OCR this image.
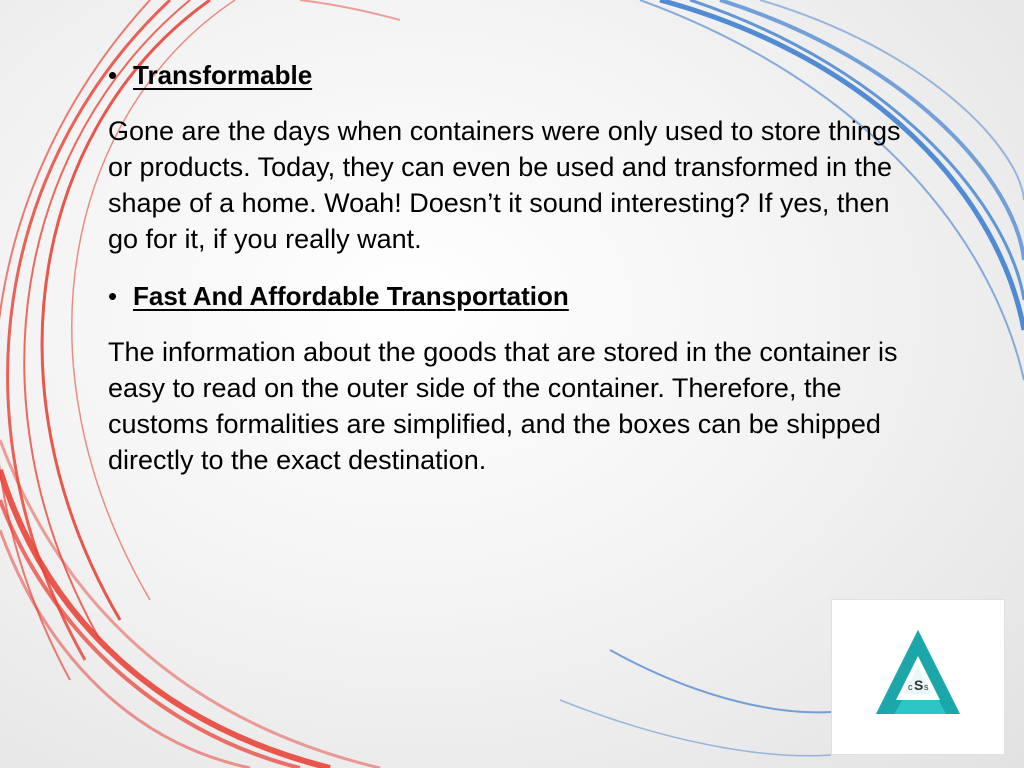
• Transformable

Gone are the days when containers were only used to store things or products. Today, they can even be used and transformed in the shape of a home. Woah! Doesn’t it sound interesting? If yes, then go for it, if you really want.

• Fast And Affordable Transportation

The information about the goods that are stored in the container is easy to read on the outer side of the container. Therefore, the customs formalities are simplified, and the boxes can be shipped directly to the exact destination.

c S s
